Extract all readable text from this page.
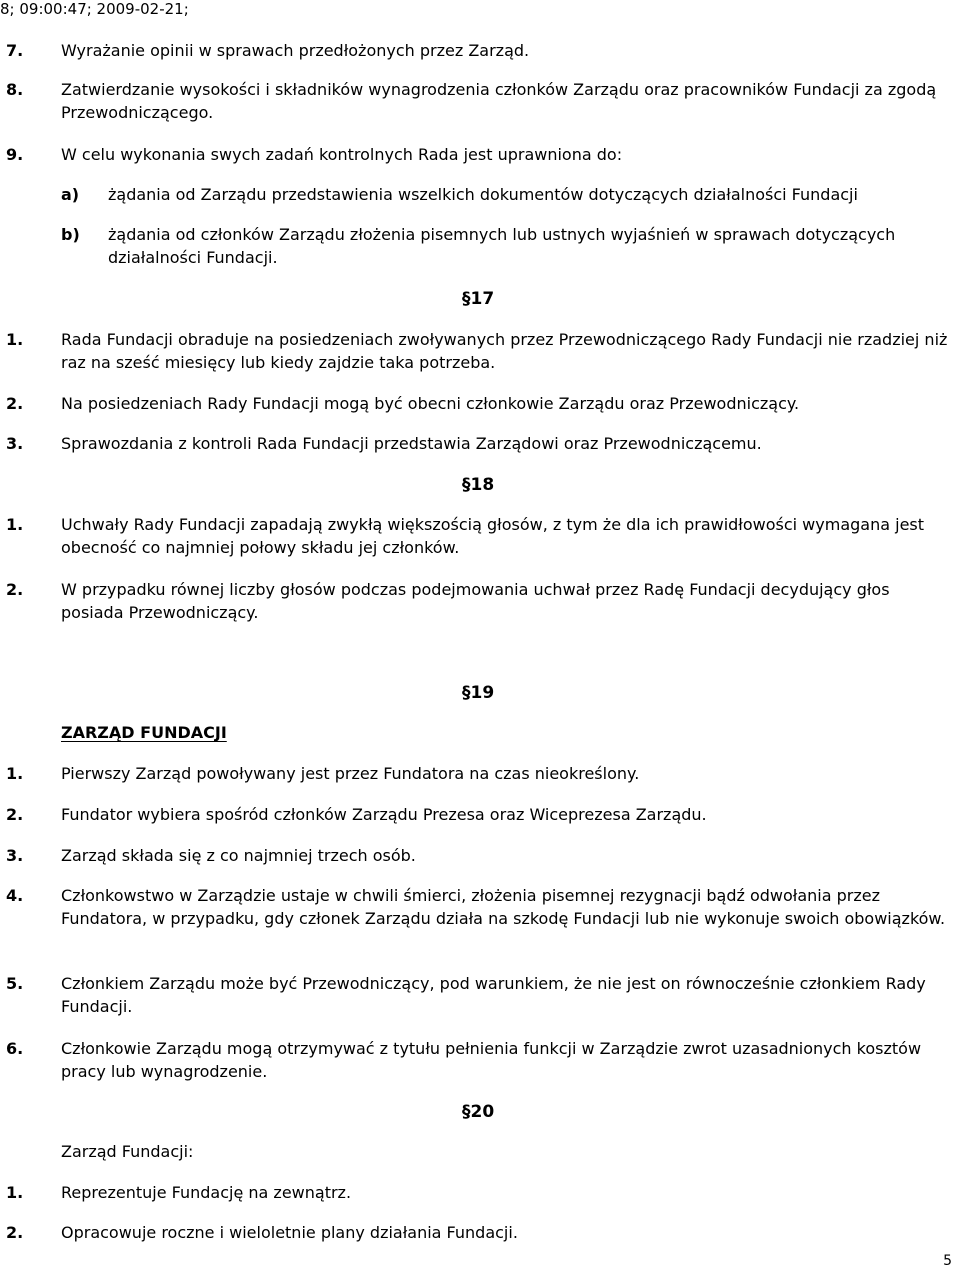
8; 09:00:47; 2009-02-21;
7. Wyrażanie opinii w sprawach przedłożonych przez Zarząd.
8. Zatwierdzanie wysokości i składników wynagrodzenia członków Zarządu oraz pracowników Fundacji za zgodą Przewodniczącego.
9. W celu wykonania swych zadań kontrolnych Rada jest uprawniona do:
a) żądania od Zarządu przedstawienia wszelkich dokumentów dotyczących działalności Fundacji
b) żądania od członków Zarządu złożenia pisemnych lub ustnych wyjaśnień w sprawach dotyczących działalności Fundacji.
§17
1. Rada Fundacji obraduje na posiedzeniach zwoływanych przez Przewodniczącego Rady Fundacji nie rzadziej niż raz na sześć miesięcy lub kiedy zajdzie taka potrzeba.
2. Na posiedzeniach Rady Fundacji mogą być obecni członkowie Zarządu oraz Przewodniczący.
3. Sprawozdania z kontroli Rada Fundacji przedstawia Zarządowi oraz Przewodniczącemu.
§18
1. Uchwały Rady Fundacji zapadają zwykłą większością głosów, z tym że dla ich prawidłowości wymagana jest obecność co najmniej połowy składu jej członków.
2. W przypadku równej liczby głosów podczas podejmowania uchwał przez Radę Fundacji decydujący głos posiada Przewodniczący.
§19
ZARZĄD FUNDACJI
1. Pierwszy Zarząd powoływany jest przez Fundatora na czas nieokreślony.
2. Fundator wybiera spośród członków Zarządu Prezesa oraz Wiceprezesa Zarządu.
3. Zarząd składa się z co najmniej trzech osób.
4. Członkowstwo w Zarządzie ustaje w chwili śmierci, złożenia pisemnej rezygnacji bądź odwołania przez Fundatora, w przypadku, gdy członek Zarządu działa na szkodę Fundacji lub nie wykonuje swoich obowiązków.
5. Członkiem Zarządu może być Przewodniczący, pod warunkiem, że nie jest on równocześnie członkiem Rady Fundacji.
6. Członkowie Zarządu mogą otrzymywać z tytułu pełnienia funkcji w Zarządzie zwrot uzasadnionych kosztów pracy lub wynagrodzenie.
§20
Zarząd Fundacji:
1. Reprezentuje Fundację na zewnątrz.
2. Opracowuje roczne i wieloletnie plany działania Fundacji.
5
